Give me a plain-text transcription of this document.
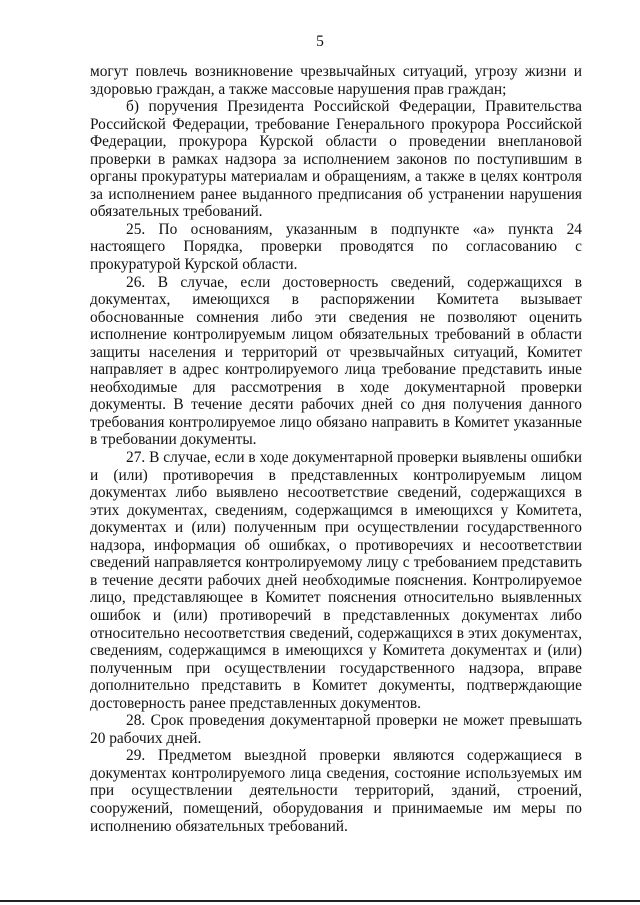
5

могут повлечь возникновение чрезвычайных ситуаций, угрозу жизни и здоровью граждан, а также массовые нарушения прав граждан;

б) поручения Президента Российской Федерации, Правительства Российской Федерации, требование Генерального прокурора Российской Федерации, прокурора Курской области о проведении внеплановой проверки в рамках надзора за исполнением законов по поступившим в органы прокуратуры материалам и обращениям, а также в целях контроля за исполнением ранее выданного предписания об устранении нарушения обязательных требований.

25. По основаниям, указанным в подпункте «а» пункта 24 настоящего Порядка, проверки проводятся по согласованию с прокуратурой Курской области.

26. В случае, если достоверность сведений, содержащихся в документах, имеющихся в распоряжении Комитета вызывает обоснованные сомнения либо эти сведения не позволяют оценить исполнение контролируемым лицом обязательных требований в области защиты населения и территорий от чрезвычайных ситуаций, Комитет направляет в адрес контролируемого лица требование представить иные необходимые для рассмотрения в ходе документарной проверки документы. В течение десяти рабочих дней со дня получения данного требования контролируемое лицо обязано направить в Комитет указанные в требовании документы.

27. В случае, если в ходе документарной проверки выявлены ошибки и (или) противоречия в представленных контролируемым лицом документах либо выявлено несоответствие сведений, содержащихся в этих документах, сведениям, содержащимся в имеющихся у Комитета, документах и (или) полученным при осуществлении государственного надзора, информация об ошибках, о противоречиях и несоответствии сведений направляется контролируемому лицу с требованием представить в течение десяти рабочих дней необходимые пояснения. Контролируемое лицо, представляющее в Комитет пояснения относительно выявленных ошибок и (или) противоречий в представленных документах либо относительно несоответствия сведений, содержащихся в этих документах, сведениям, содержащимся в имеющихся у Комитета документах и (или) полученным при осуществлении государственного надзора, вправе дополнительно представить в Комитет документы, подтверждающие достоверность ранее представленных документов.

28. Срок проведения документарной проверки не может превышать 20 рабочих дней.

29. Предметом выездной проверки являются содержащиеся в документах контролируемого лица сведения, состояние используемых им при осуществлении деятельности территорий, зданий, строений, сооружений, помещений, оборудования и принимаемые им меры по исполнению обязательных требований.
